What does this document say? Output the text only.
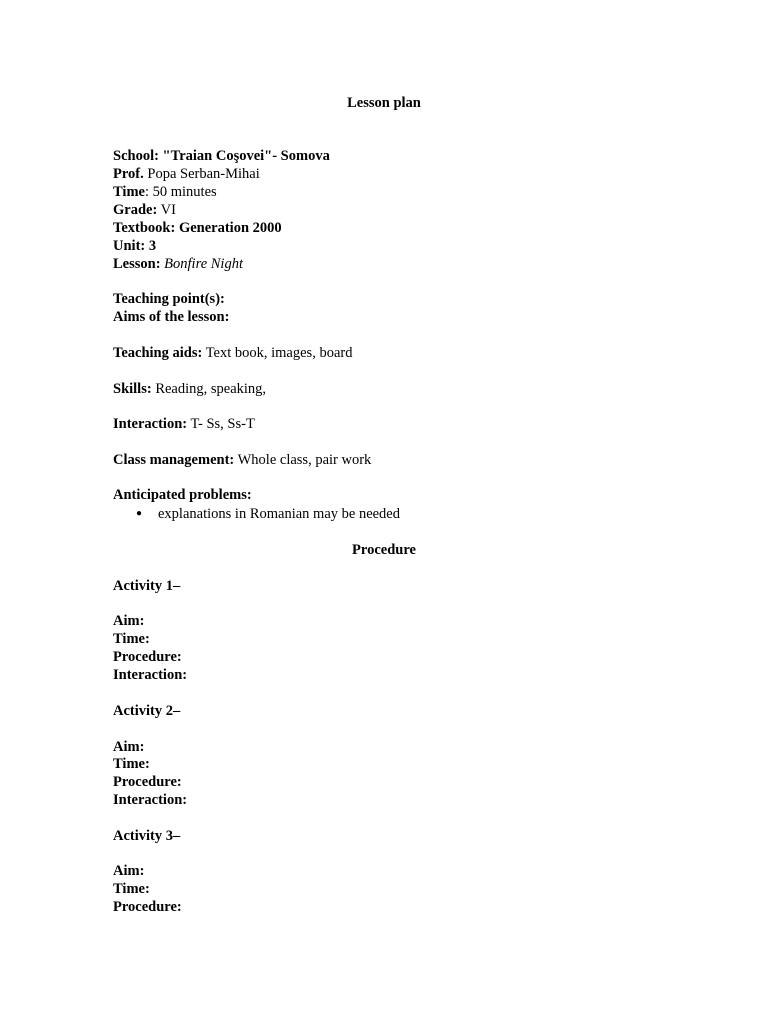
Lesson plan
School: "Traian Coşovei"- Somova
Prof. Popa Serban-Mihai
Time: 50 minutes
Grade: VI
Textbook: Generation 2000
Unit: 3
Lesson: Bonfire Night
Teaching point(s):
Aims of the lesson:
Teaching aids: Text book, images, board
Skills: Reading, speaking,
Interaction: T- Ss, Ss-T
Class management: Whole class, pair work
Anticipated problems:
● explanations in Romanian may be needed
Procedure
Activity 1–
Aim:
Time:
Procedure:
Interaction:
Activity 2–
Aim:
Time:
Procedure:
Interaction:
Activity 3–
Aim:
Time:
Procedure:
